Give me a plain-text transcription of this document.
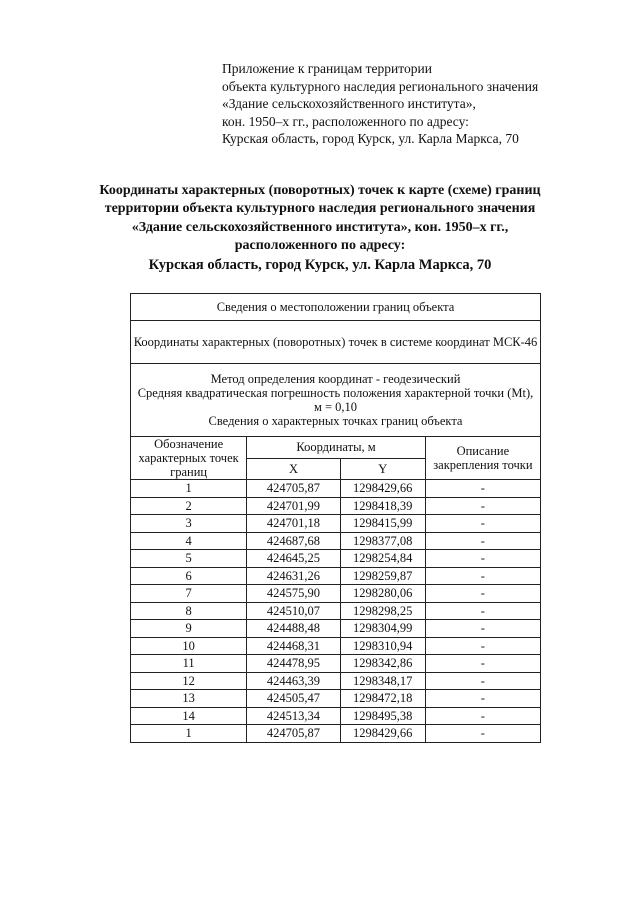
Приложение к границам территории
объекта культурного наследия регионального значения
«Здание сельскохозяйственного института»,
кон. 1950–х гг., расположенного по адресу:
Курская область, город Курск, ул. Карла Маркса, 70
Координаты характерных (поворотных) точек к карте (схеме) границ
территории объекта культурного наследия регионального значения
«Здание сельскохозяйственного института», кон. 1950–х гг.,
расположенного по адресу:
Курская область, город Курск, ул. Карла Маркса, 70
Сведения о местоположении границ объекта			
Координаты характерных (поворотных) точек в системе координат МСК-46			

Метод определения координат - геодезический
Средняя квадратическая погрешность положения характерной точки (Mt), м = 0,10
Сведения о характерных точках границ объекта			

Обозначение характерных точек границ	Координаты, м		Описание закрепления точки
	X	Y	
1	424705,87	1298429,66	-
2	424701,99	1298418,39	-
3	424701,18	1298415,99	-
4	424687,68	1298377,08	-
5	424645,25	1298254,84	-
6	424631,26	1298259,87	-
7	424575,90	1298280,06	-
8	424510,07	1298298,25	-
9	424488,48	1298304,99	-
10	424468,31	1298310,94	-
11	424478,95	1298342,86	-
12	424463,39	1298348,17	-
13	424505,47	1298472,18	-
14	424513,34	1298495,38	-
1	424705,87	1298429,66	-
